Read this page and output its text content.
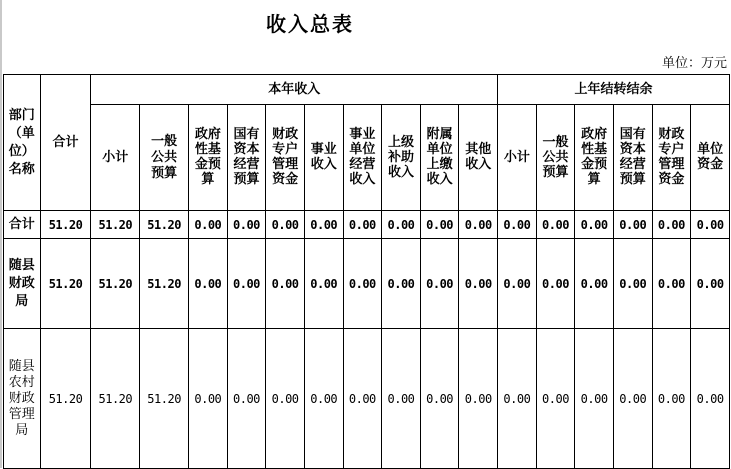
收入总表
单位：万元
部门（单位）名称	合计	本年收入										上年结转结余					
		小计	一般公共预算	政府性基金预算	国有资本经营预算	财政专户管理资金	事业收入	事业单位经营收入	上级补助收入	附属单位上缴收入	其他收入	小计	一般公共预算	政府性基金预算	国有资本经营预算	财政专户管理资金	单位资金
合计	51.20	51.20	51.20	0.00	0.00	0.00	0.00	0.00	0.00	0.00	0.00	0.00	0.00	0.00	0.00	0.00	0.00
随县财政局	51.20	51.20	51.20	0.00	0.00	0.00	0.00	0.00	0.00	0.00	0.00	0.00	0.00	0.00	0.00	0.00	0.00
随县农村财政管理局	51.20	51.20	51.20	0.00	0.00	0.00	0.00	0.00	0.00	0.00	0.00	0.00	0.00	0.00	0.00	0.00	0.00
